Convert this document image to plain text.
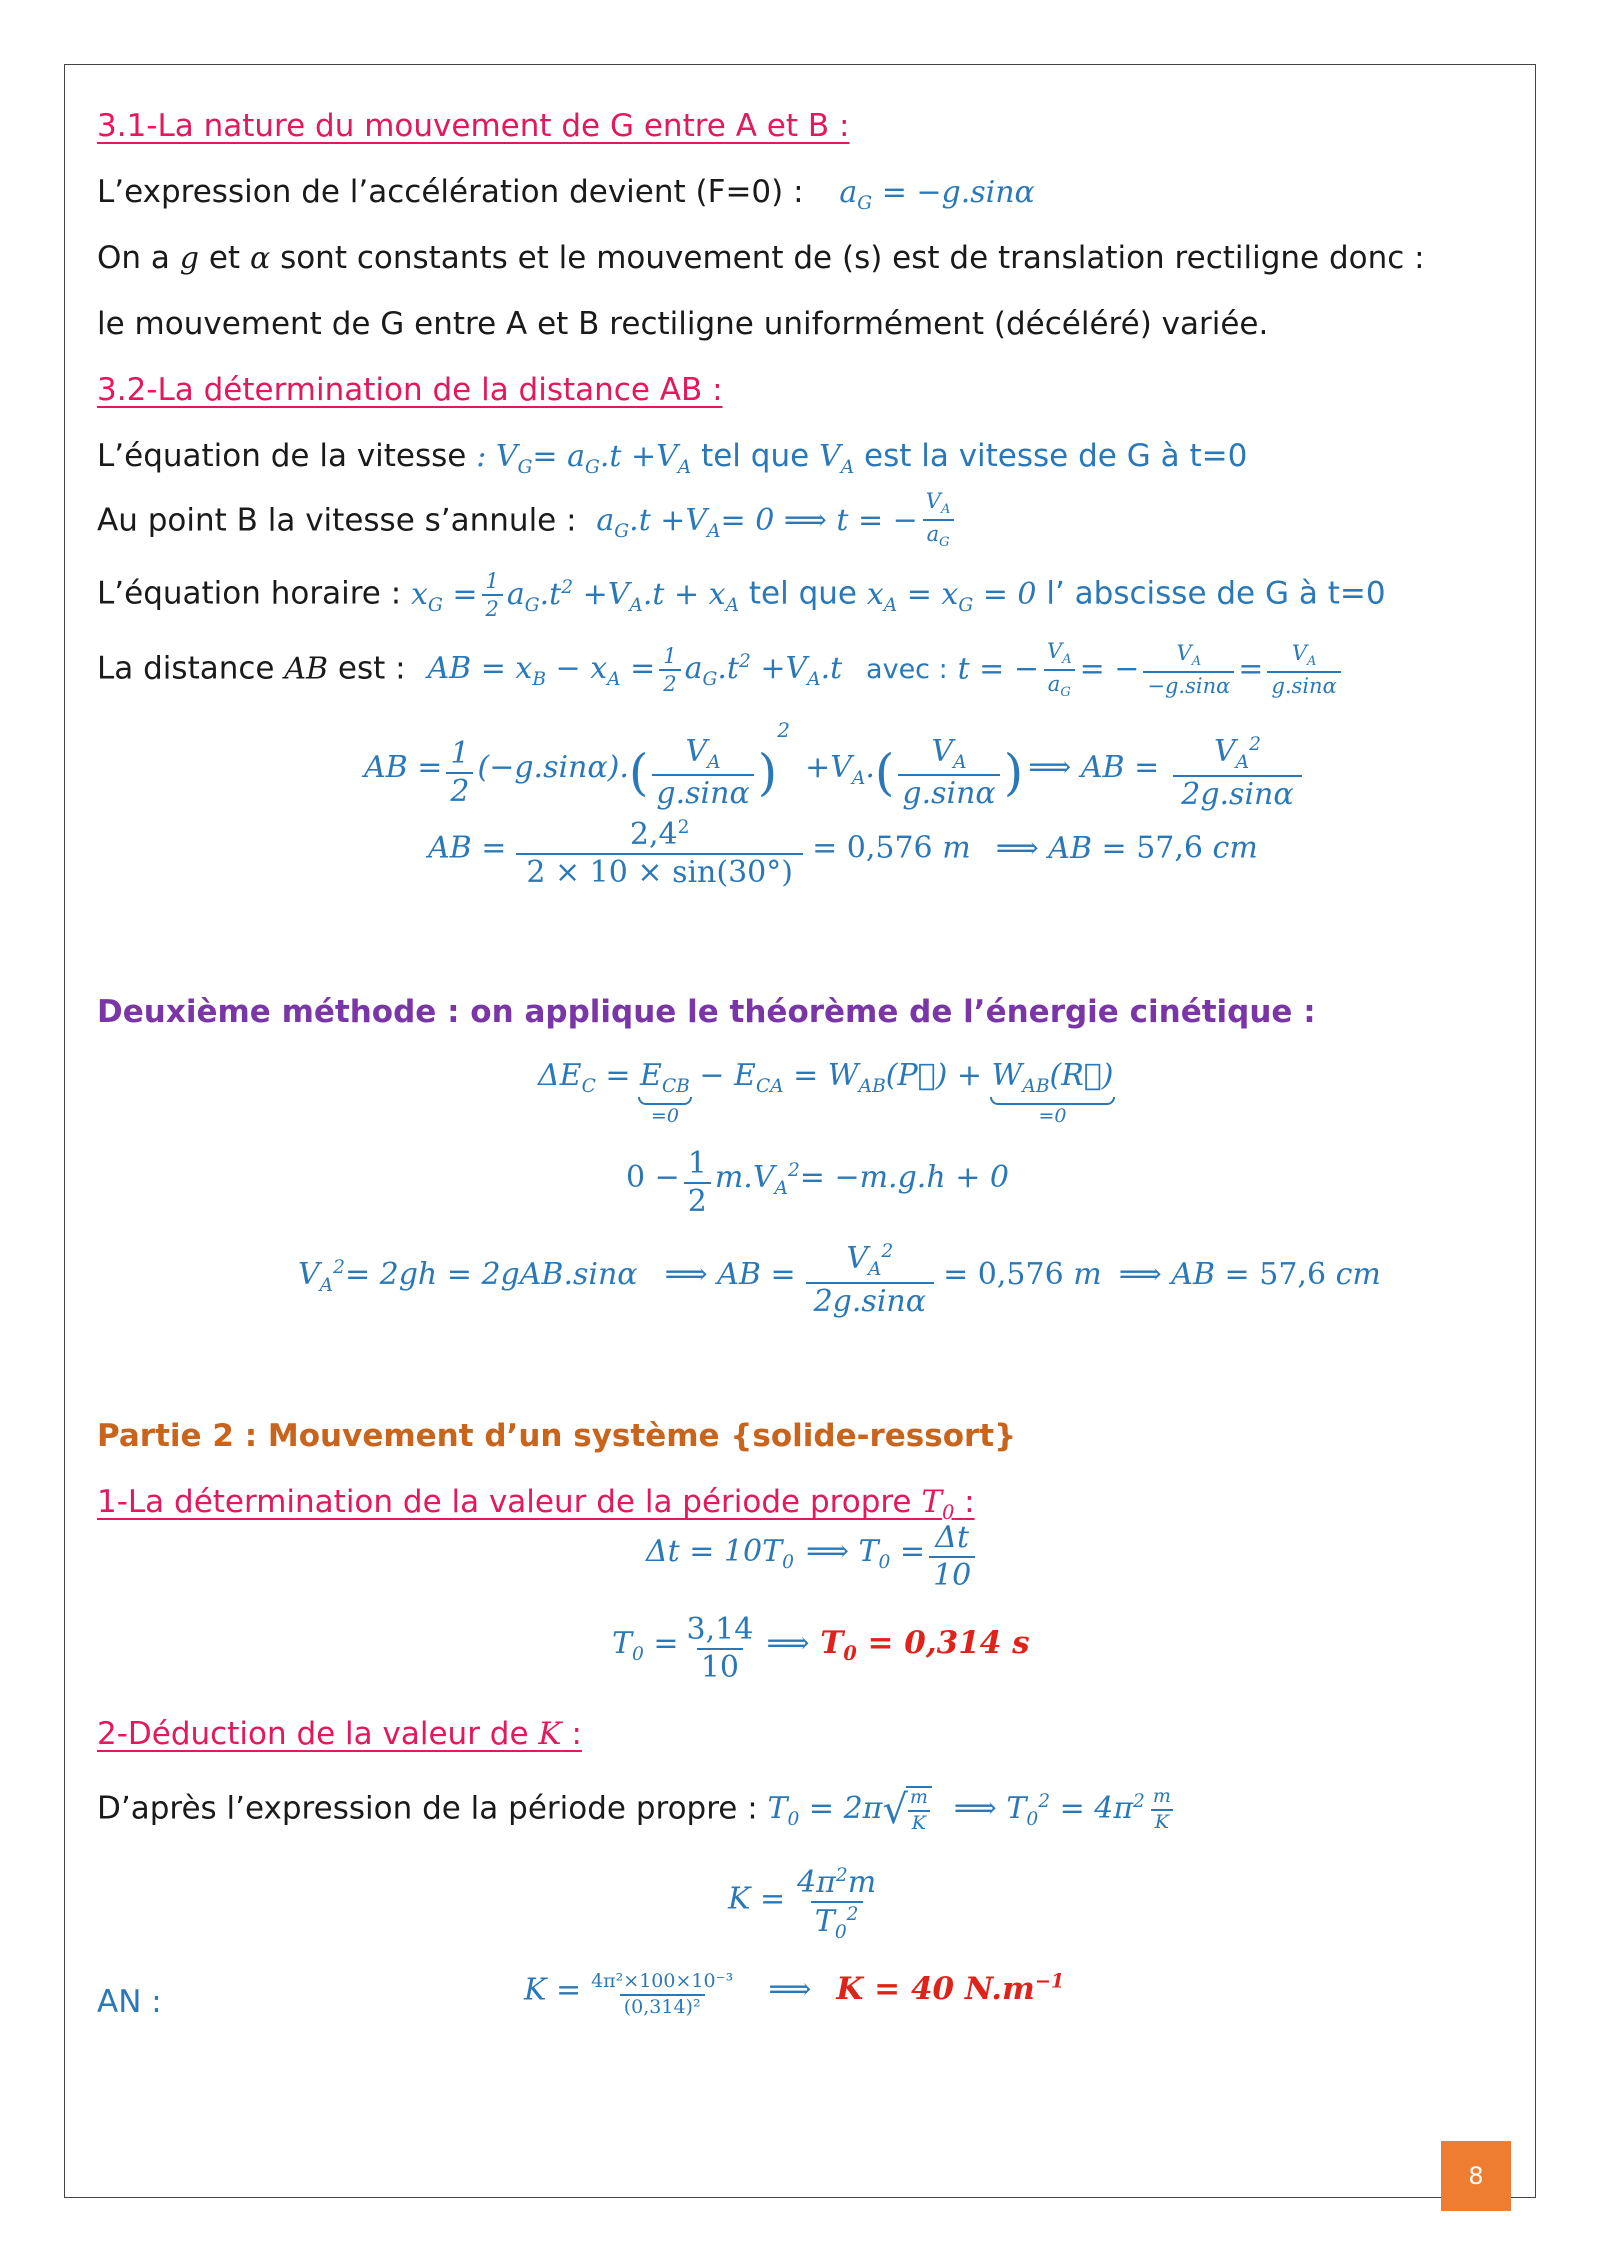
3.1-La nature du mouvement de G entre A et B :
L’expression de l’accélération devient (F=0) : $a_G = -g.\sin\alpha$
On a g et α sont constants et le mouvement de (s) est de translation rectiligne donc :
le mouvement de G entre A et B rectiligne uniformément (décéléré) variée.
3.2-La détermination de la distance AB :
L’équation de la vitesse : $V_G= a_G.t +V_A$ tel que $V_A$ est la vitesse de G à t=0
Au point B la vitesse s’annule : $a_G.t +V_A= 0$ ⟹ t = − $\frac{V_A}{a_G}$
L’équation horaire : $x_G = \frac{1}{2} a_G.t^2 +V_A.t + x_A$ tel que $x_A = x_G = 0$ l’ abscisse de G à t=0
La distance AB est : AB = $x_B - x_A = \frac{1}{2} a_G.t^2 +V_A.t$ avec : t = − $\frac{V_A}{a_G}$ = − $\frac{V_A}{-g.\sin\alpha} = \frac{V_A}{g.\sin\alpha}$
AB = $\frac{1}{2} (-g.\sin\alpha).( \frac{V_A}{g.\sin\alpha} )^2 +V_A.( \frac{V_A}{g.\sin\alpha}$ ) ⟹ AB = $\frac{V_A^2}{2g.\sin\alpha}$
AB = $\frac{2,4^2}{2 \times 10 \times \sin(30^\circ)} = 0,576$ m ⟹ AB = 57,6 cm
Deuxième méthode : on applique le théorème de l’énergie cinétique :
$\Delta E_C = E_{CB}$
=0
− $E_{CA}$ = $W_{AB}(P⃗)$ + $W_{AB}(R⃗)$
=0
$0 - \frac{1}{2} m.V_A^2= -m.g.h + 0$
$V_A^2= 2gh = 2gAB.\sin\alpha$ ⟹ AB = $\frac{V_A^2}{2g.\sin\alpha} = 0,576$ m ⟹ AB = 57,6 cm
Partie 2 : Mouvement d’un système {solide-ressort}
1-La détermination de la valeur de la période propre $T_0$ :
$\Delta t = 10T_0$ ⟹ $T_0 = \frac{\Delta t}{10}$
$T_0 = \frac{3,14}{10}$ ⟹ $T_0 = 0,314$ s
2-Déduction de la valeur de K :
D’après l’expression de la période propre : $T_0 = 2\pi√$
$\frac{m}{K}$ ⟹ $T_0^2 = 4\pi^2 \frac{m}{K}$
$K = \frac{4\pi^2m}{T_0^2}$
AN :	$K = \frac{\text{4π²×100×10⁻³}}{\text{(0,314)²}}$ ⟹ K = 40 $N.m^{-1}$
8
